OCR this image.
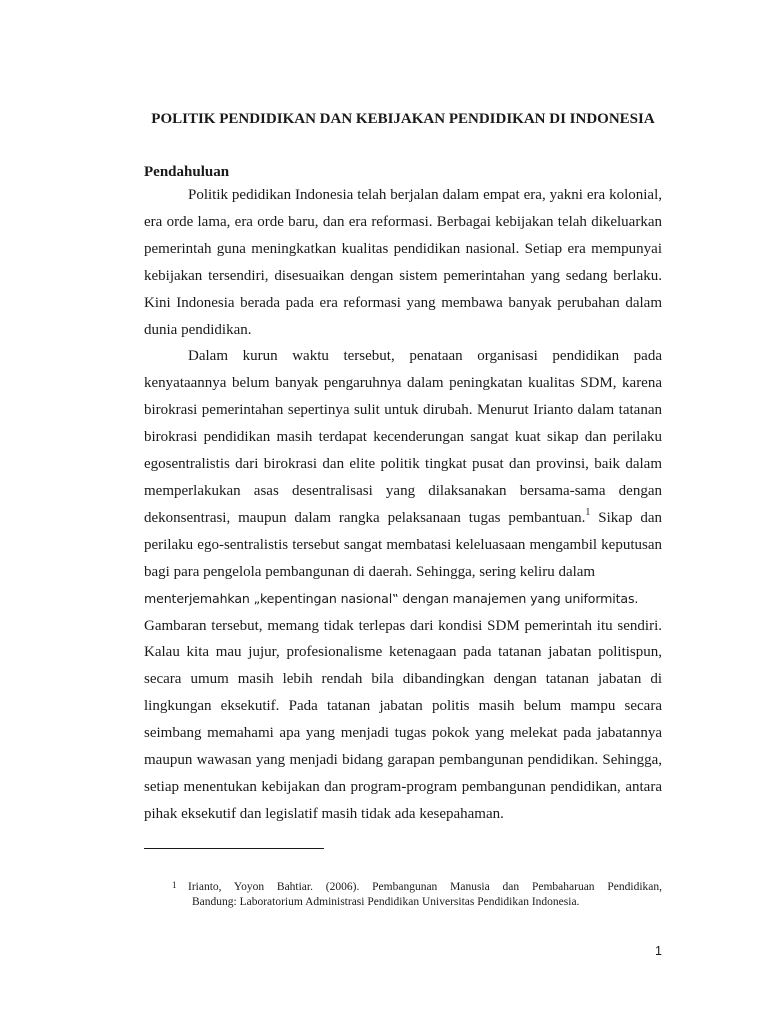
POLITIK PENDIDIKAN DAN KEBIJAKAN PENDIDIKAN DI INDONESIA
Pendahuluan

Politik pedidikan Indonesia telah berjalan dalam empat era, yakni era kolonial, era orde lama, era orde baru, dan era reformasi. Berbagai kebijakan telah dikeluarkan pemerintah guna meningkatkan kualitas pendidikan nasional. Setiap era mempunyai kebijakan tersendiri, disesuaikan dengan sistem pemerintahan yang sedang berlaku. Kini Indonesia berada pada era reformasi yang membawa banyak perubahan dalam dunia pendidikan.

Dalam kurun waktu tersebut, penataan organisasi pendidikan pada kenyataannya belum banyak pengaruhnya dalam peningkatan kualitas SDM, karena birokrasi pemerintahan sepertinya sulit untuk dirubah. Menurut Irianto dalam tatanan birokrasi pendidikan masih terdapat kecenderungan sangat kuat sikap dan perilaku egosentralistis dari birokrasi dan elite politik tingkat pusat dan provinsi, baik dalam memperlakukan asas desentralisasi yang dilaksanakan bersama-sama dengan dekonsentrasi, maupun dalam rangka pelaksanaan tugas pembantuan.$^1$ Sikap dan perilaku ego-sentralistis tersebut sangat membatasi keleluasaan mengambil keputusan bagi para pengelola pembangunan di daerah. Sehingga, sering keliru dalam

menterjemahkan „kepentingan nasional‟ dengan manajemen yang uniformitas.

Gambaran tersebut, memang tidak terlepas dari kondisi SDM pemerintah itu sendiri. Kalau kita mau jujur, profesionalisme ketenagaan pada tatanan jabatan politispun, secara umum masih lebih rendah bila dibandingkan dengan tatanan jabatan di lingkungan eksekutif. Pada tatanan jabatan politis masih belum mampu secara seimbang memahami apa yang menjadi tugas pokok yang melekat pada jabatannya maupun wawasan yang menjadi bidang garapan pembangunan pendidikan. Sehingga, setiap menentukan kebijakan dan program-program pembangunan pendidikan, antara pihak eksekutif dan legislatif masih tidak ada kesepahaman.

1	Irianto, Yoyon Bahtiar. (2006). Pembangunan Manusia dan Pembaharuan Pendidikan,
Bandung: Laboratorium Administrasi Pendidikan Universitas Pendidikan Indonesia.
1
